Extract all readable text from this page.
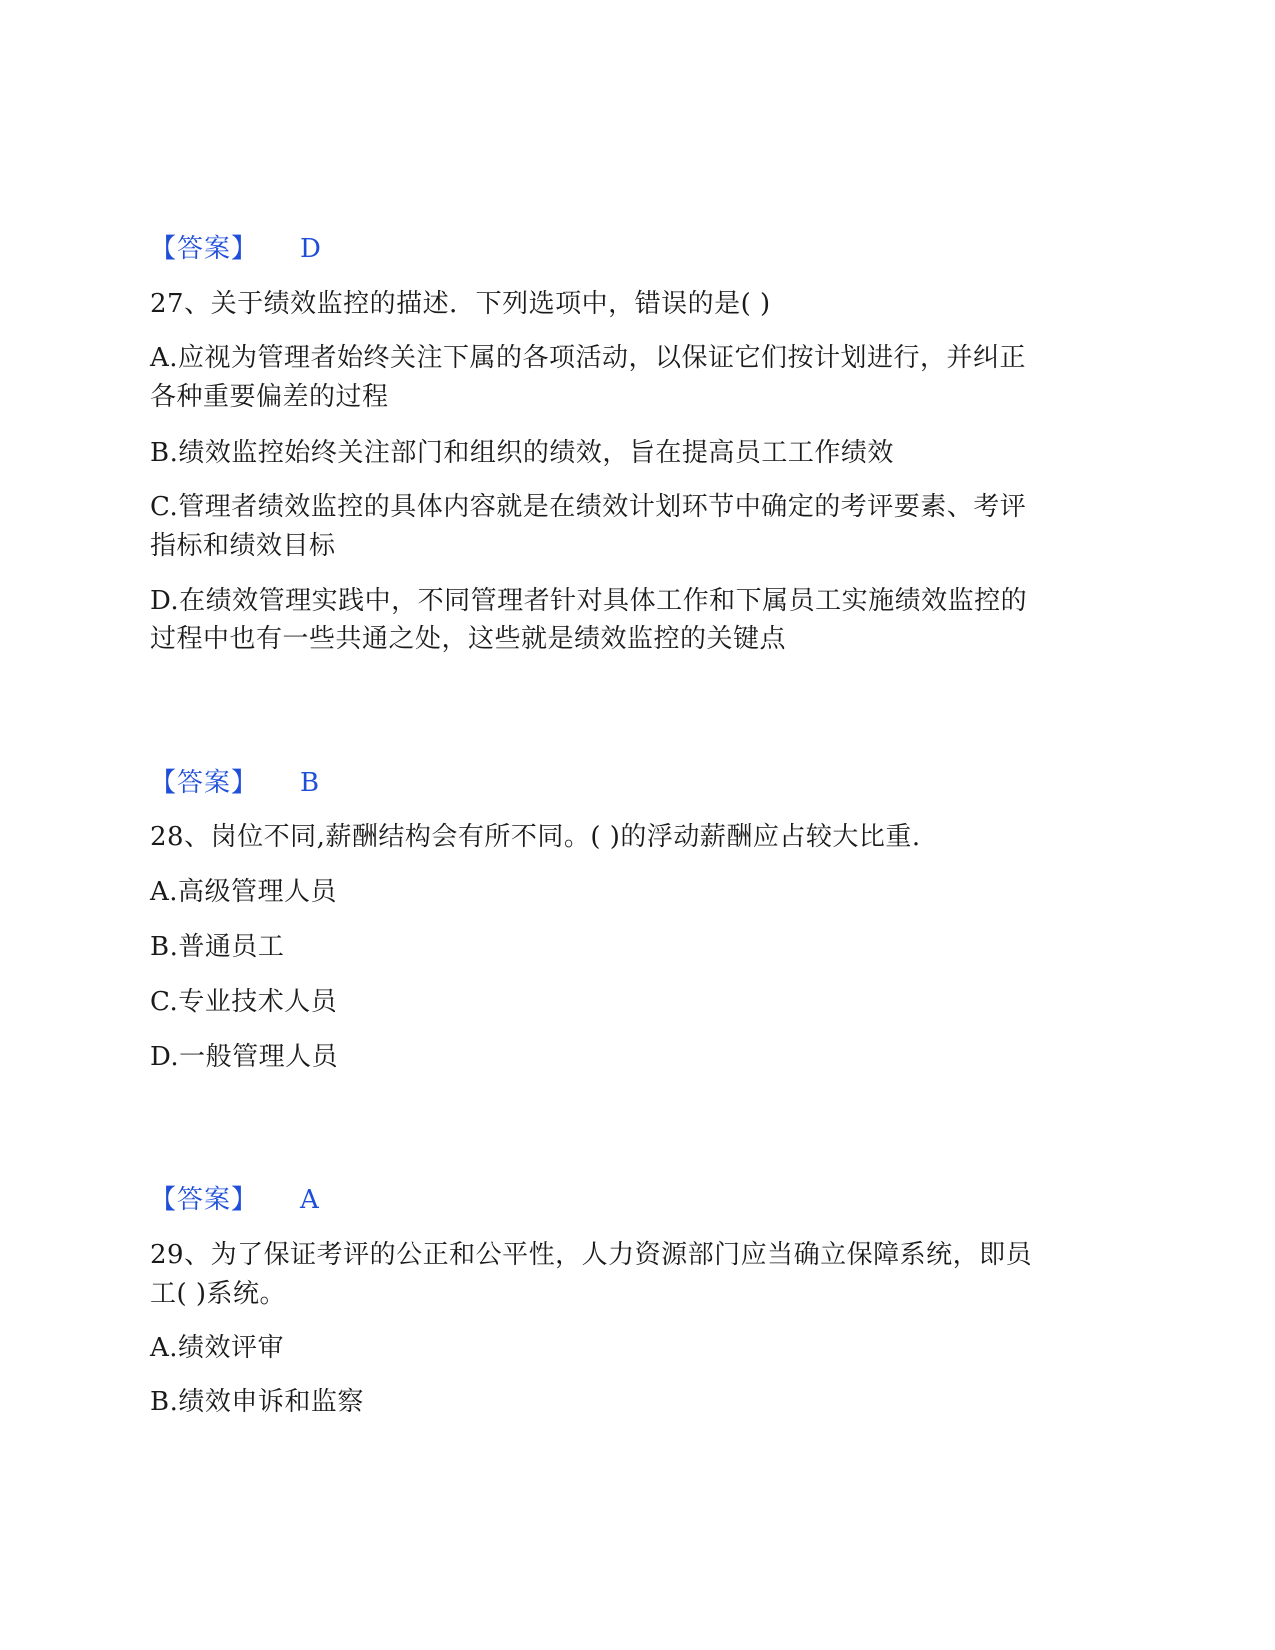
【答案】 D
27、关于绩效监控的描述．下列选项中，错误的是( )
A.应视为管理者始终关注下属的各项活动，以保证它们按计划进行，并纠正
各种重要偏差的过程
B.绩效监控始终关注部门和组织的绩效，旨在提高员工工作绩效
C.管理者绩效监控的具体内容就是在绩效计划环节中确定的考评要素、考评
指标和绩效目标
D.在绩效管理实践中，不同管理者针对具体工作和下属员工实施绩效监控的
过程中也有一些共通之处，这些就是绩效监控的关键点
【答案】 B
28、岗位不同,薪酬结构会有所不同。( )的浮动薪酬应占较大比重.
A.高级管理人员
B.普通员工
C.专业技术人员
D.一般管理人员
【答案】 A
29、为了保证考评的公正和公平性，人力资源部门应当确立保障系统，即员
工( )系统。
A.绩效评审
B.绩效申诉和监察
